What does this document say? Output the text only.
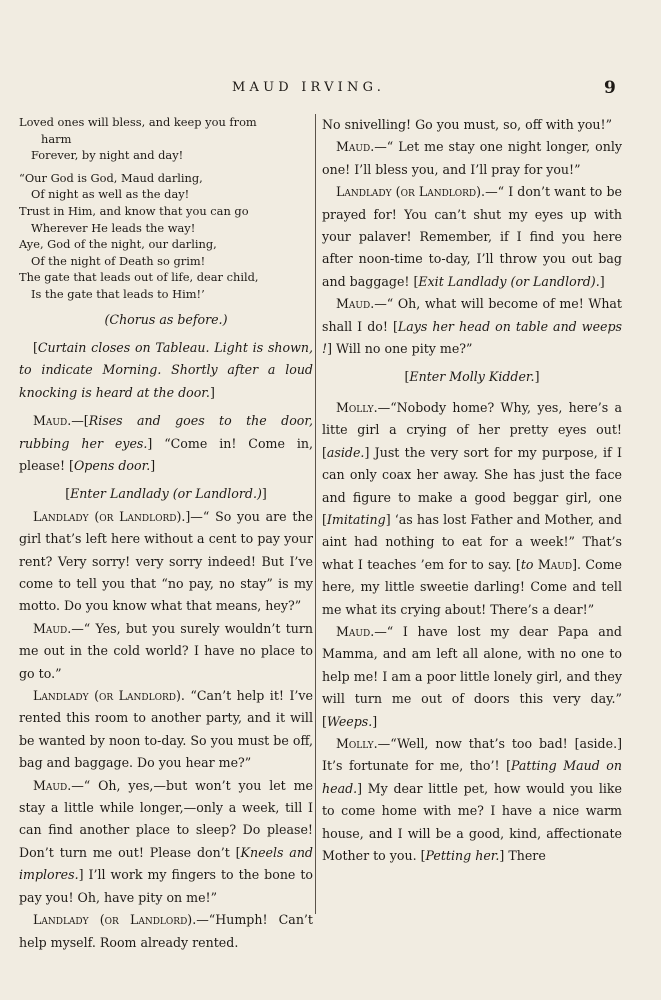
MAUD IRVING.	9
Loved ones will bless, and keep you from
harm
Forever, by night and day!
“Our God is God, Maud darling,
Of night as well as the day!
Trust in Him, and know that you can go
Wherever He leads the way!
Aye, God of the night, our darling,
Of the night of Death so grim!
The gate that leads out of life, dear child,
Is the gate that leads to Him!’

(Chorus as before.)

[Curtain closes on Tableau. Light is shown, to indicate Morning. Shortly after a loud knocking is heard at the door.]

Maud.—[Rises and goes to the door, rubbing her eyes.] “Come in! Come in, please! [Opens door.]

[Enter Landlady (or Landlord.)]

Landlady (or Landlord).]—“ So you are the girl that’s left here without a cent to pay your rent? Very sorry! very sorry indeed! But I’ve come to tell you that “no pay, no stay” is my motto. Do you know what that means, hey?”

Maud.—“ Yes, but you surely wouldn’t turn me out in the cold world? I have no place to go to.”

Landlady (or Landlord). “Can’t help it! I’ve rented this room to another party, and it will be wanted by noon to-day. So you must be off, bag and baggage. Do you hear me?”

Maud.—“ Oh, yes,—but won’t you let me stay a little while longer,—only a week, till I can find another place to sleep? Do please! Don’t turn me out! Please don’t [Kneels and implores.] I’ll work my fingers to the bone to pay you! Oh, have pity on me!”

Landlady (or Landlord).—“Humph! Can’t help myself. Room already rented.

No snivelling! Go you must, so, off with you!”

Maud.—“ Let me stay one night longer, only one! I’ll bless you, and I’ll pray for you!”

Landlady (or Landlord).—“ I don’t want to be prayed for! You can’t shut my eyes up with your palaver! Remember, if I find you here after noon-time to-day, I’ll throw you out bag and baggage! [Exit Landlady (or Landlord).]

Maud.—“ Oh, what will become of me! What shall I do! [Lays her head on table and weeps !] Will no one pity me?”

[Enter Molly Kidder.]

Molly.—“Nobody home? Why, yes, here’s a litte girl a crying of her pretty eyes out! [aside.] Just the very sort for my purpose, if I can only coax her away. She has just the face and figure to make a good beggar girl, one [Imitating] ‘as has lost Father and Mother, and aint had nothing to eat for a week!” That’s what I teaches ’em for to say. [to Maud]. Come here, my little sweetie darling! Come and tell me what its crying about! There’s a dear!”

Maud.—“ I have lost my dear Papa and Mamma, and am left all alone, with no one to help me! I am a poor little lonely girl, and they will turn me out of doors this very day.” [Weeps.]

Molly.—“Well, now that’s too bad! [aside.] It’s fortunate for me, tho’! [Patting Maud on head.] My dear little pet, how would you like to come home with me? I have a nice warm house, and I will be a good, kind, affectionate Mother to you. [Petting her.] There
